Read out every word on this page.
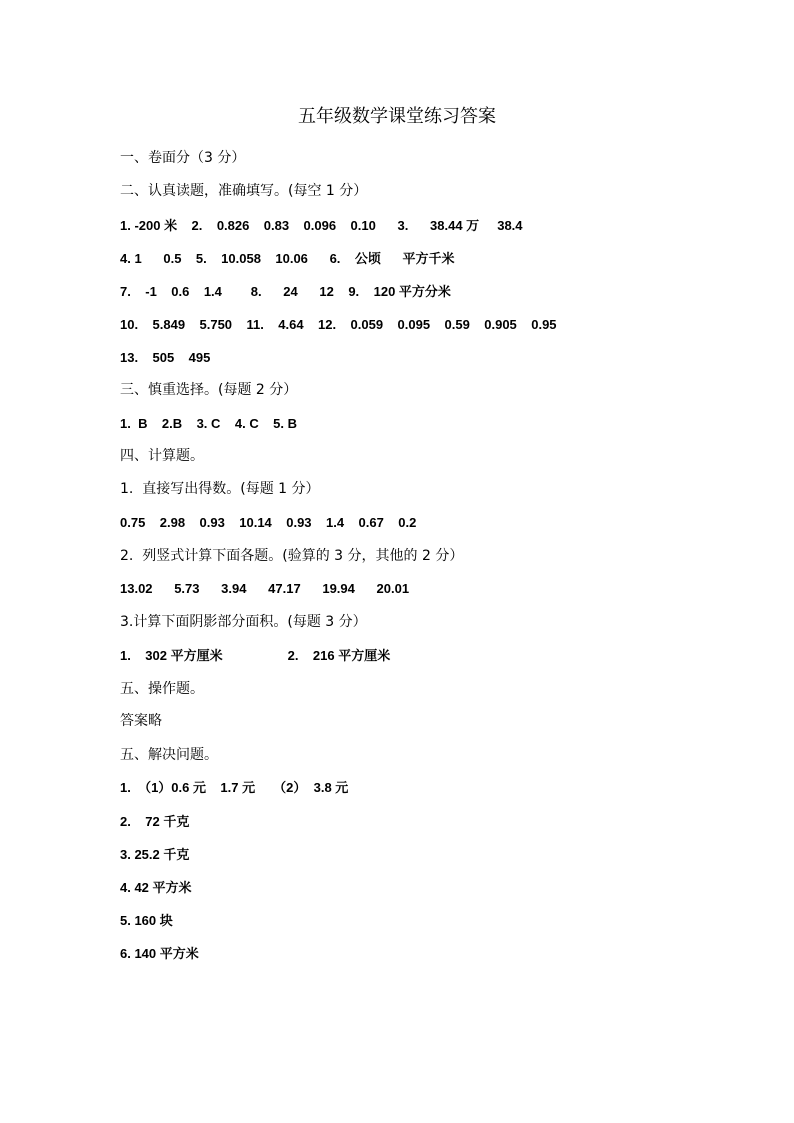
五年级数学课堂练习答案
一、卷面分（3 分）
二、认真读题，准确填写。(每空 1 分）
1. -200 米    2.    0.826    0.83    0.096    0.10      3.      38.44 万     38.4
4. 1      0.5    5.    10.058    10.06      6.    公顷      平方千米
7.    -1    0.6    1.4        8.      24      12    9.    120 平方分米
10.    5.849    5.750    11.    4.64    12.    0.059    0.095    0.59    0.905    0.95
13.    505    495
三、慎重选择。(每题 2 分）
1.  B    2.B    3. C    4. C    5. B
四、计算题。
1.  直接写出得数。(每题 1 分）
0.75    2.98    0.93    10.14    0.93    1.4    0.67    0.2
2.  列竖式计算下面各题。(验算的 3 分，其他的 2 分）
13.02      5.73      3.94      47.17      19.94      20.01
3.计算下面阴影部分面积。(每题 3 分）
1.    302 平方厘米                  2.    216 平方厘米
五、操作题。
答案略
五、解决问题。
1.  （1）0.6 元    1.7 元     （2）  3.8 元
2.    72 千克
3. 25.2 千克
4. 42 平方米
5. 160 块
6. 140 平方米
